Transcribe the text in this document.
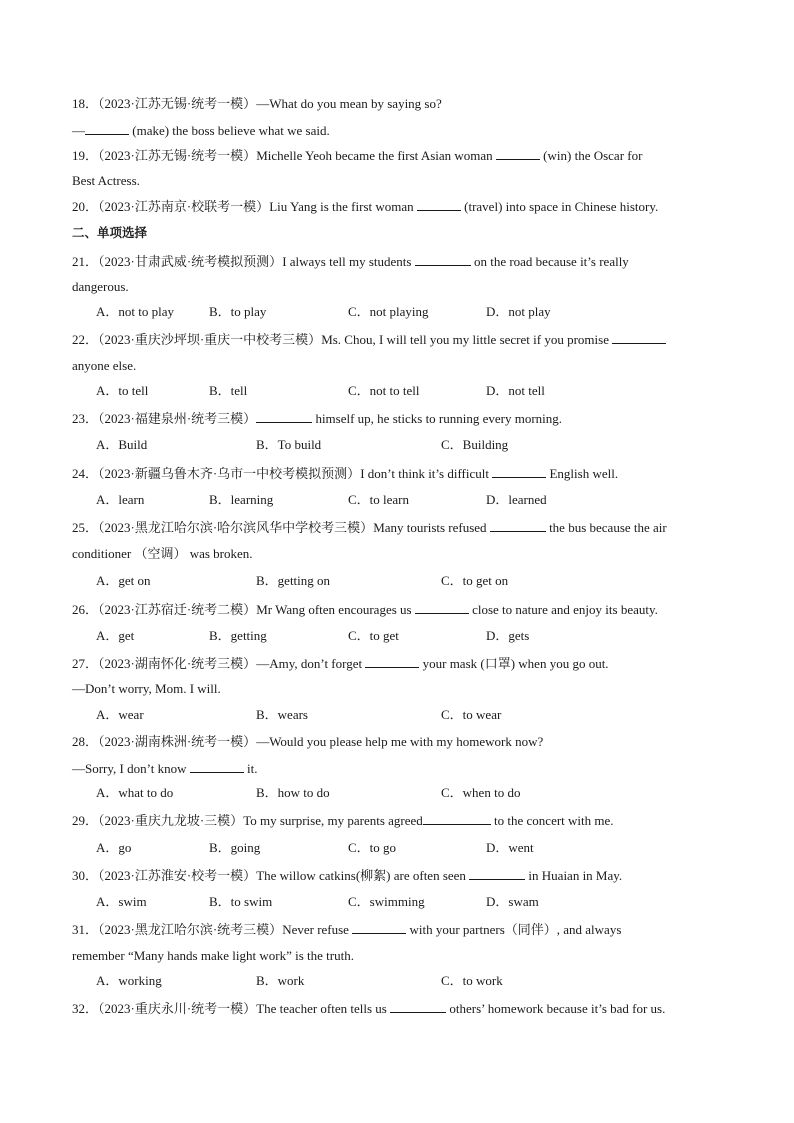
18．（2023·江苏无锡·统考一模）—What do you mean by saying so?
—	(make) the boss believe what we said.
19．（2023·江苏无锡·统考一模）Michelle Yeoh became the first Asian woman	(win) the Oscar for
Best Actress.
20．（2023·江苏南京·校联考一模）Liu Yang is the first woman	(travel) into space in Chinese history.
二、单项选择
21．（2023·甘肃武威·统考模拟预测）I always tell my students	on the road because it’s really
dangerous.
A．not to play	B．to play	C．not playing	D．not play
22．（2023·重庆沙坪坝·重庆一中校考三模）Ms. Chou, I will tell you my little secret if you promise
anyone else.
A．to tell	B．tell	C．not to tell	D．not tell
23．（2023·福建泉州·统考三模）	himself up, he sticks to running every morning.
A．Build	B．To build	C．Building
24．（2023·新疆乌鲁木齐·乌市一中校考模拟预测）I don’t think it’s difficult	English well.
A．learn	B．learning	C．to learn	D．learned
25．（2023·黑龙江哈尔滨·哈尔滨风华中学校考三模）Many tourists refused	the bus because the air
conditioner （空调） was broken.
A．get on	B．getting on	C．to get on
26．（2023·江苏宿迁·统考二模）Mr Wang often encourages us	close to nature and enjoy its beauty.
A．get	B．getting	C．to get	D．gets
27．（2023·湖南怀化·统考三模）—Amy, don’t forget	your mask (口罩) when you go out.
—Don’t worry, Mom. I will.
A．wear	B．wears	C．to wear
28．（2023·湖南株洲·统考一模）—Would you please help me with my homework now?
—Sorry, I don’t know	it.
A．what to do	B．how to do	C．when to do
29．（2023·重庆九龙坡·三模）To my surprise, my parents agreed	to the concert with me.
A．go	B．going	C．to go	D．went
30．（2023·江苏淮安·校考一模）The willow catkins(柳絮) are often seen	in Huaian in May.
A．swim	B．to swim	C．swimming	D．swam
31．（2023·黑龙江哈尔滨·统考三模）Never refuse	with your partners（同伴）, and always
remember “Many hands make light work” is the truth.
A．working	B．work	C．to work
32．（2023·重庆永川·统考一模）The teacher often tells us	others’ homework because it’s bad for us.
